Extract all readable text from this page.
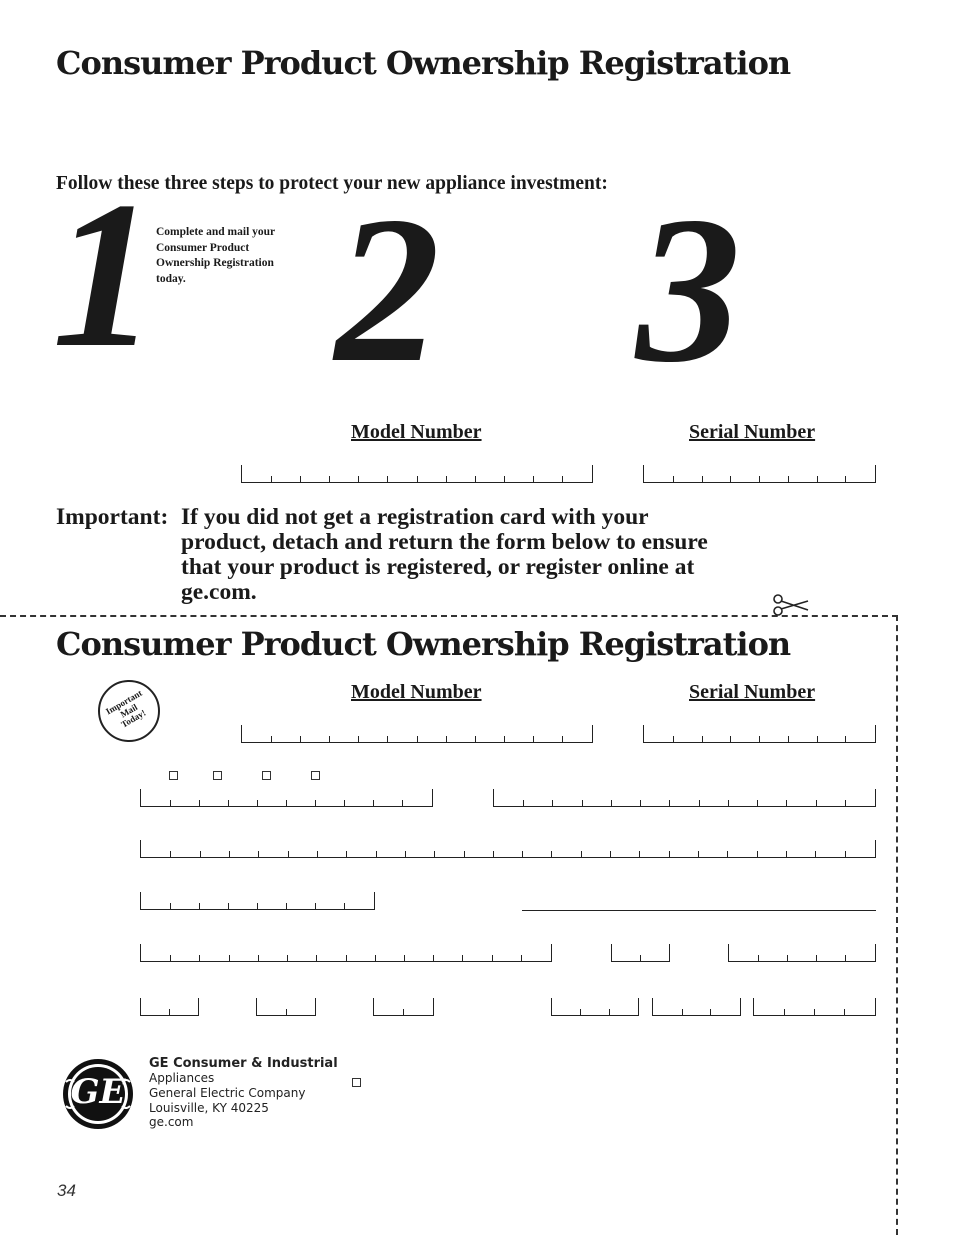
Consumer Product Ownership Registration
Follow these three steps to protect your new appliance investment:
1 Complete and mail your Consumer Product Ownership Registration today. 2 3
Model Number	Serial Number
Important: If you did not get a registration card with your product, detach and return the form below to ensure that your product is registered, or register online at ge.com.
Consumer Product Ownership Registration
Important
Mail
Today!
Model Number	Serial Number
GE
GE Consumer & Industrial
Appliances
General Electric Company
Louisville, KY 40225
ge.com
34
